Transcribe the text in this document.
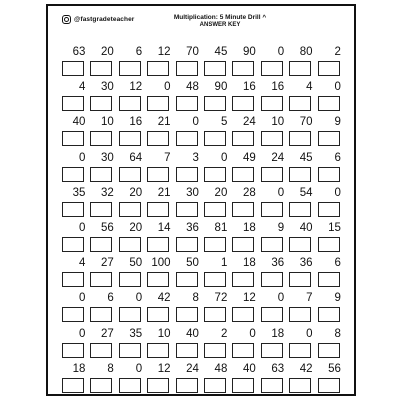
@fastgradeteacher	Multiplication: 5 Minute Drill ^
ANSWER KEY
63 20 6 12 70 45 90 0 80 2
4 30 12 0 48 90 16 16 4 0
40 10 16 21 0 5 24 10 70 9
0 30 64 7 3 0 49 24 45 6
35 32 20 21 30 20 28 0 54 0
0 56 20 14 36 81 18 9 40 15
4 27 50 100 50 1 18 36 36 6
0 6 0 42 8 72 12 0 7 9
0 27 35 10 40 2 0 18 0 8
18 8 0 12 24 48 40 63 42 56
